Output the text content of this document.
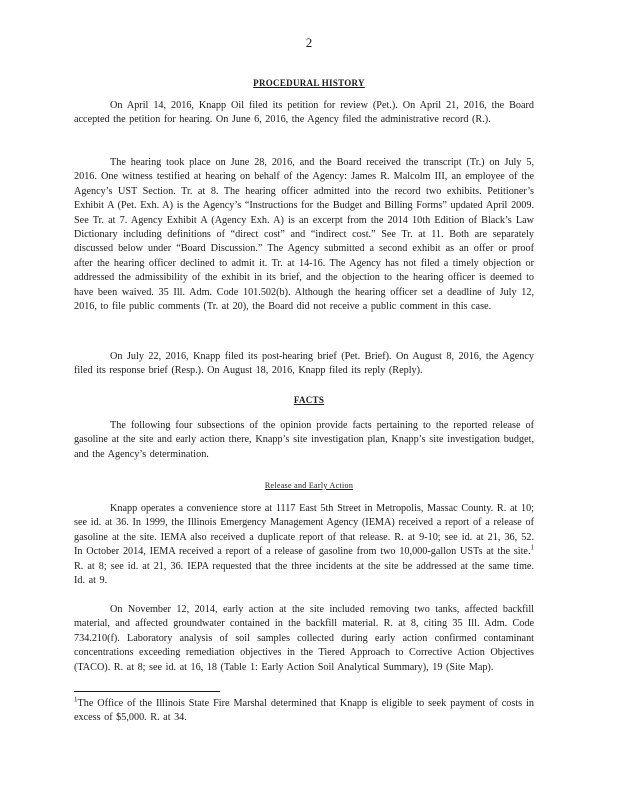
2
PROCEDURAL HISTORY

On April 14, 2016, Knapp Oil filed its petition for review (Pet.). On April 21, 2016, the Board accepted the petition for hearing. On June 6, 2016, the Agency filed the administrative record (R.).

The hearing took place on June 28, 2016, and the Board received the transcript (Tr.) on July 5, 2016. One witness testified at hearing on behalf of the Agency: James R. Malcolm III, an employee of the Agency’s UST Section. Tr. at 8. The hearing officer admitted into the record two exhibits. Petitioner’s Exhibit A (Pet. Exh. A) is the Agency’s “Instructions for the Budget and Billing Forms” updated April 2009. See Tr. at 7. Agency Exhibit A (Agency Exh. A) is an excerpt from the 2014 10th Edition of Black’s Law Dictionary including definitions of “direct cost” and “indirect cost.” See Tr. at 11. Both are separately discussed below under “Board Discussion.” The Agency submitted a second exhibit as an offer or proof after the hearing officer declined to admit it. Tr. at 14-16. The Agency has not filed a timely objection or addressed the admissibility of the exhibit in its brief, and the objection to the hearing officer is deemed to have been waived. 35 Ill. Adm. Code 101.502(b). Although the hearing officer set a deadline of July 12, 2016, to file public comments (Tr. at 20), the Board did not receive a public comment in this case.

On July 22, 2016, Knapp filed its post-hearing brief (Pet. Brief). On August 8, 2016, the Agency filed its response brief (Resp.). On August 18, 2016, Knapp filed its reply (Reply).

FACTS

The following four subsections of the opinion provide facts pertaining to the reported release of gasoline at the site and early action there, Knapp’s site investigation plan, Knapp’s site investigation budget, and the Agency’s determination.

Release and Early Action

Knapp operates a convenience store at 1117 East 5th Street in Metropolis, Massac County. R. at 10; see id. at 36. In 1999, the Illinois Emergency Management Agency (IEMA) received a report of a release of gasoline at the site. IEMA also received a duplicate report of that release. R. at 9-10; see id. at 21, 36, 52. In October 2014, IEMA received a report of a release of gasoline from two 10,000-gallon USTs at the site.$^1$ R. at 8; see id. at 21, 36. IEPA requested that the three incidents at the site be addressed at the same time. Id. at 9.

On November 12, 2014, early action at the site included removing two tanks, affected backfill material, and affected groundwater contained in the backfill material. R. at 8, citing 35 Ill. Adm. Code 734.210(f). Laboratory analysis of soil samples collected during early action confirmed contaminant concentrations exceeding remediation objectives in the Tiered Approach to Corrective Action Objectives (TACO). R. at 8; see id. at 16, 18 (Table 1: Early Action Soil Analytical Summary), 19 (Site Map).

$^1$The Office of the Illinois State Fire Marshal determined that Knapp is eligible to seek payment of costs in excess of $5,000. R. at 34.
